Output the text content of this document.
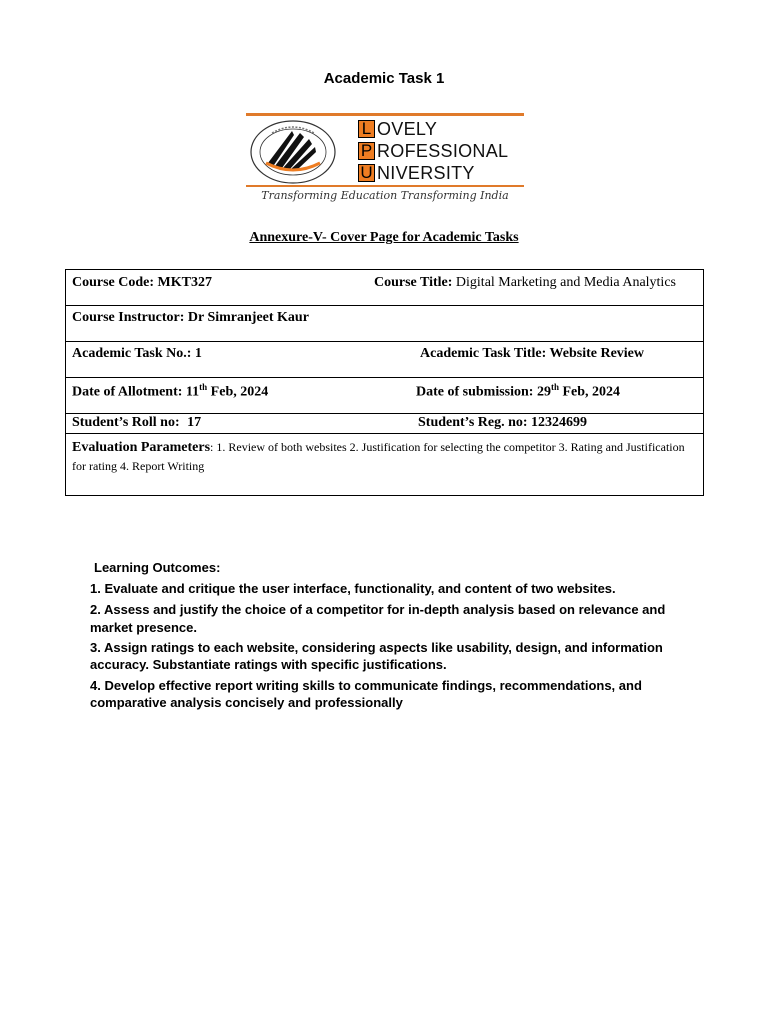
Academic Task 1
L OVELY
P ROFESSIONAL
U NIVERSITY
Transforming Education Transforming India
Annexure-V- Cover Page for Academic Tasks
Course Code: MKT327	Course Title: Digital Marketing and Media Analytics
Course Instructor: Dr Simranjeet Kaur
Academic Task No.: 1	Academic Task Title: Website Review
Date of Allotment: 11th Feb, 2024	Date of submission: 29th Feb, 2024
Student’s Roll no: 17	Student’s Reg. no: 12324699
Evaluation Parameters: 1. Review of both websites 2. Justification for selecting the competitor 3. Rating and Justification for rating 4. Report Writing
Learning Outcomes:
1. Evaluate and critique the user interface, functionality, and content of two websites.
2. Assess and justify the choice of a competitor for in-depth analysis based on relevance and
market presence.
3. Assign ratings to each website, considering aspects like usability, design, and information
accuracy. Substantiate ratings with specific justifications.
4. Develop effective report writing skills to communicate findings, recommendations, and
comparative analysis concisely and professionally
